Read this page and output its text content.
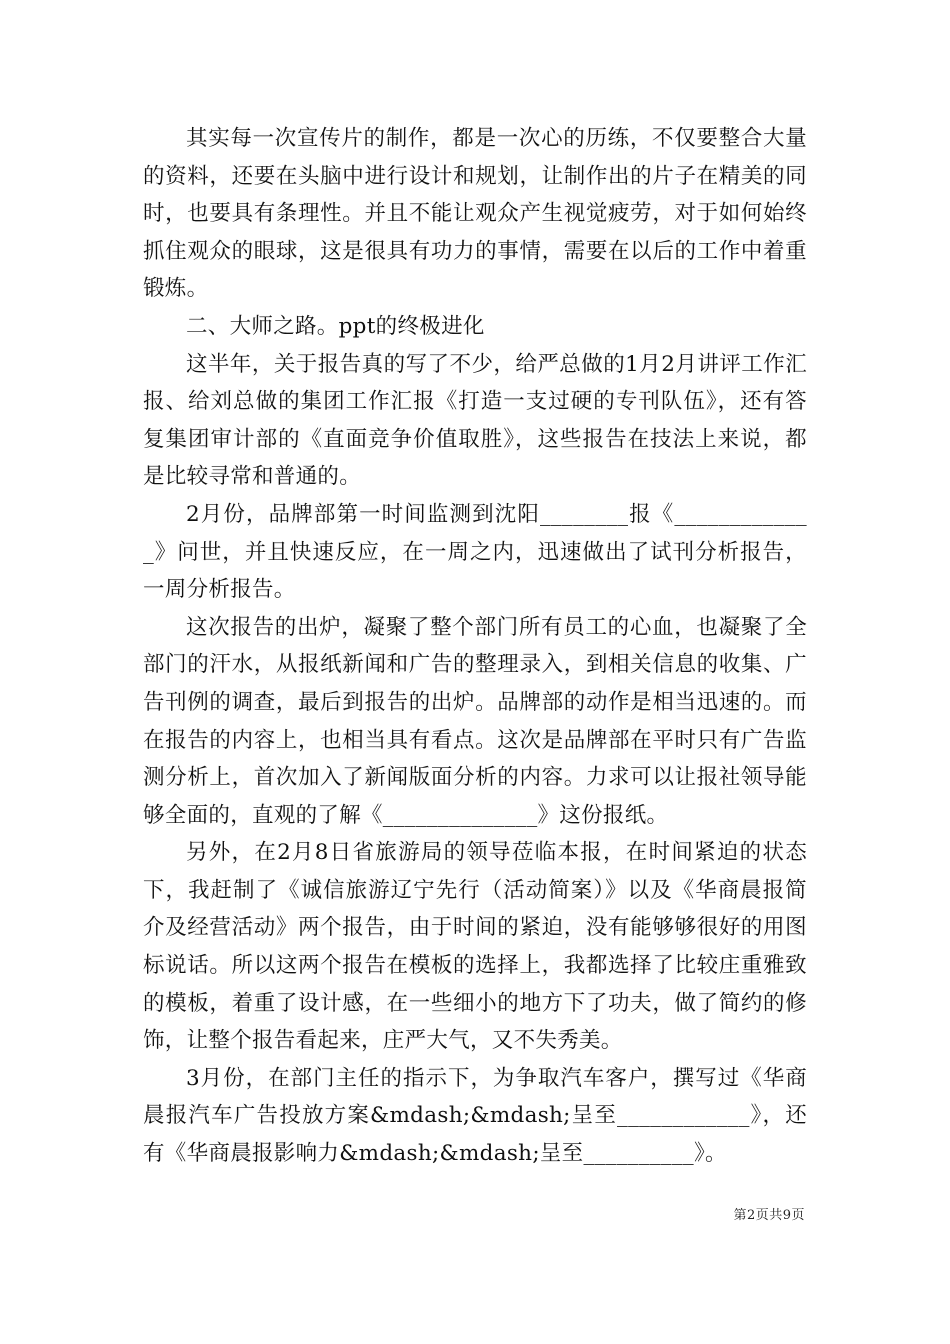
其实每一次宣传片的制作，都是一次心的历练，不仅要整合大量的资料，还要在头脑中进行设计和规划，让制作出的片子在精美的同时，也要具有条理性。并且不能让观众产生视觉疲劳，对于如何始终抓住观众的眼球，这是很具有功力的事情，需要在以后的工作中着重锻炼。

二、大师之路。ppt的终极进化

这半年，关于报告真的写了不少，给严总做的1月2月讲评工作汇报、给刘总做的集团工作汇报《打造一支过硬的专刊队伍》，还有答复集团审计部的《直面竞争价值取胜》，这些报告在技法上来说，都是比较寻常和普通的。

2月份，品牌部第一时间监测到沈阳________报《_____________》问世，并且快速反应，在一周之内，迅速做出了试刊分析报告，一周分析报告。

这次报告的出炉，凝聚了整个部门所有员工的心血，也凝聚了全部门的汗水，从报纸新闻和广告的整理录入，到相关信息的收集、广告刊例的调查，最后到报告的出炉。品牌部的动作是相当迅速的。而在报告的内容上，也相当具有看点。这次是品牌部在平时只有广告监测分析上，首次加入了新闻版面分析的内容。力求可以让报社领导能够全面的，直观的了解《______________》这份报纸。

另外，在2月8日省旅游局的领导莅临本报，在时间紧迫的状态下，我赶制了《诚信旅游辽宁先行（活动简案）》以及《华商晨报简介及经营活动》两个报告，由于时间的紧迫，没有能够够很好的用图标说话。所以这两个报告在模板的选择上，我都选择了比较庄重雅致的模板，着重了设计感，在一些细小的地方下了功夫，做了简约的修饰，让整个报告看起来，庄严大气，又不失秀美。

3月份，在部门主任的指示下，为争取汽车客户，撰写过《华商晨报汽车广告投放方案&mdash;&mdash;呈至____________》，还有《华商晨报影响力&mdash;&mdash;呈至__________》。

第2页共9页
